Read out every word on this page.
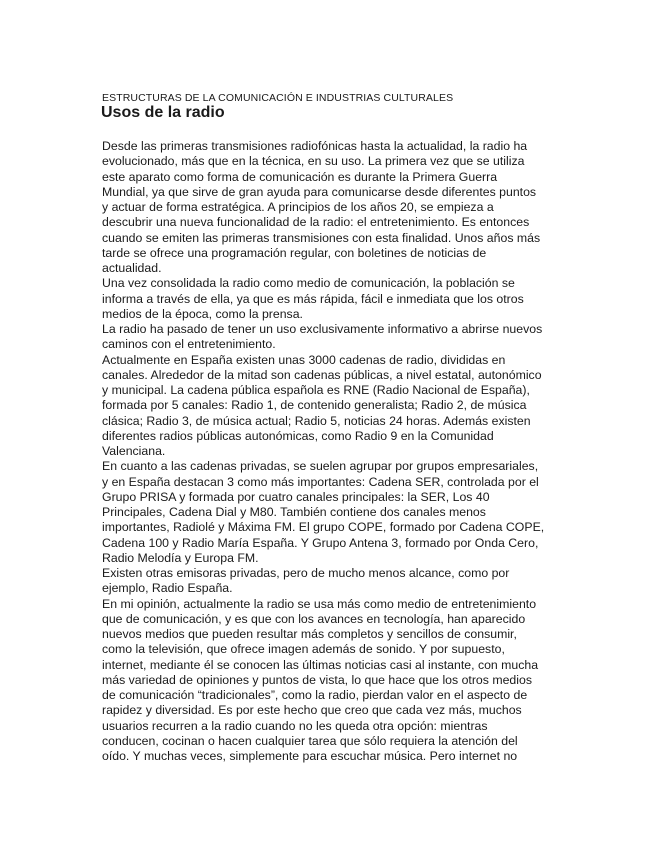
ESTRUCTURAS DE LA COMUNICACIÓN E INDUSTRIAS CULTURALES
Usos de la radio
Desde las primeras transmisiones radiofónicas hasta la actualidad, la radio ha
evolucionado, más que en la técnica, en su uso. La primera vez que se utiliza
este aparato como forma de comunicación es durante la Primera Guerra
Mundial, ya que sirve de gran ayuda para comunicarse desde diferentes puntos
y actuar de forma estratégica. A principios de los años 20, se empieza a
descubrir una nueva funcionalidad de la radio: el entretenimiento. Es entonces
cuando se emiten las primeras transmisiones con esta finalidad. Unos años más
tarde se ofrece una programación regular, con boletines de noticias de
actualidad.
Una vez consolidada la radio como medio de comunicación, la población se
informa a través de ella, ya que es más rápida, fácil e inmediata que los otros
medios de la época, como la prensa.
La radio ha pasado de tener un uso exclusivamente informativo a abrirse nuevos
caminos con el entretenimiento.
Actualmente en España existen unas 3000 cadenas de radio, divididas en
canales. Alrededor de la mitad son cadenas públicas, a nivel estatal, autonómico
y municipal. La cadena pública española es RNE (Radio Nacional de España),
formada por 5 canales: Radio 1, de contenido generalista; Radio 2, de música
clásica; Radio 3, de música actual; Radio 5, noticias 24 horas. Además existen
diferentes radios públicas autonómicas, como Radio 9 en la Comunidad
Valenciana.
En cuanto a las cadenas privadas, se suelen agrupar por grupos empresariales,
y en España destacan 3 como más importantes: Cadena SER, controlada por el
Grupo PRISA y formada por cuatro canales principales: la SER, Los 40
Principales, Cadena Dial y M80. También contiene dos canales menos
importantes, Radiolé y Máxima FM. El grupo COPE, formado por Cadena COPE,
Cadena 100 y Radio María España. Y Grupo Antena 3, formado por Onda Cero,
Radio Melodía y Europa FM.
Existen otras emisoras privadas, pero de mucho menos alcance, como por
ejemplo, Radio España.
En mi opinión, actualmente la radio se usa más como medio de entretenimiento
que de comunicación, y es que con los avances en tecnología, han aparecido
nuevos medios que pueden resultar más completos y sencillos de consumir,
como la televisión, que ofrece imagen además de sonido. Y por supuesto,
internet, mediante él se conocen las últimas noticias casi al instante, con mucha
más variedad de opiniones y puntos de vista, lo que hace que los otros medios
de comunicación “tradicionales”, como la radio, pierdan valor en el aspecto de
rapidez y diversidad. Es por este hecho que creo que cada vez más, muchos
usuarios recurren a la radio cuando no les queda otra opción: mientras
conducen, cocinan o hacen cualquier tarea que sólo requiera la atención del
oído. Y muchas veces, simplemente para escuchar música. Pero internet no
